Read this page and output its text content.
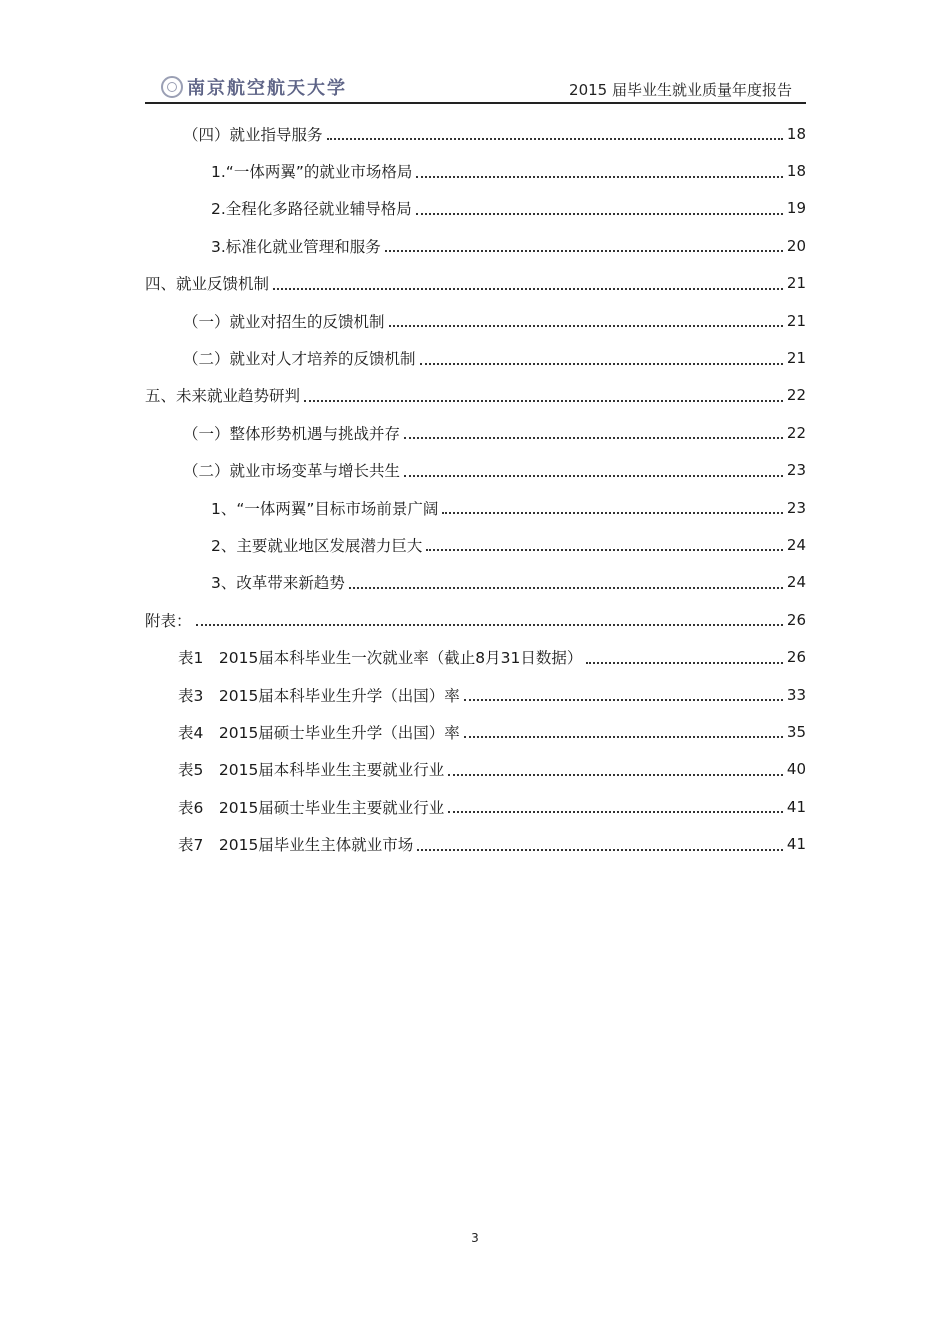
南京航空航天大学	2015 届毕业生就业质量年度报告
（四）就业指导服务	18
1.“一体两翼”的就业市场格局	18
2.全程化多路径就业辅导格局	19
3.标准化就业管理和服务	20
四、就业反馈机制	21
（一）就业对招生的反馈机制	21
（二）就业对人才培养的反馈机制	21
五、未来就业趋势研判	22
（一）整体形势机遇与挑战并存	22
（二）就业市场变革与增长共生	23
1、“一体两翼”目标市场前景广阔	23
2、主要就业地区发展潜力巨大	24
3、改革带来新趋势	24
附表：	26
表1　2015届本科毕业生一次就业率（截止8月31日数据）	26
表3　2015届本科毕业生升学（出国）率	33
表4　2015届硕士毕业生升学（出国）率	35
表5　2015届本科毕业生主要就业行业	40
表6　2015届硕士毕业生主要就业行业	41
表7　2015届毕业生主体就业市场	41
3
